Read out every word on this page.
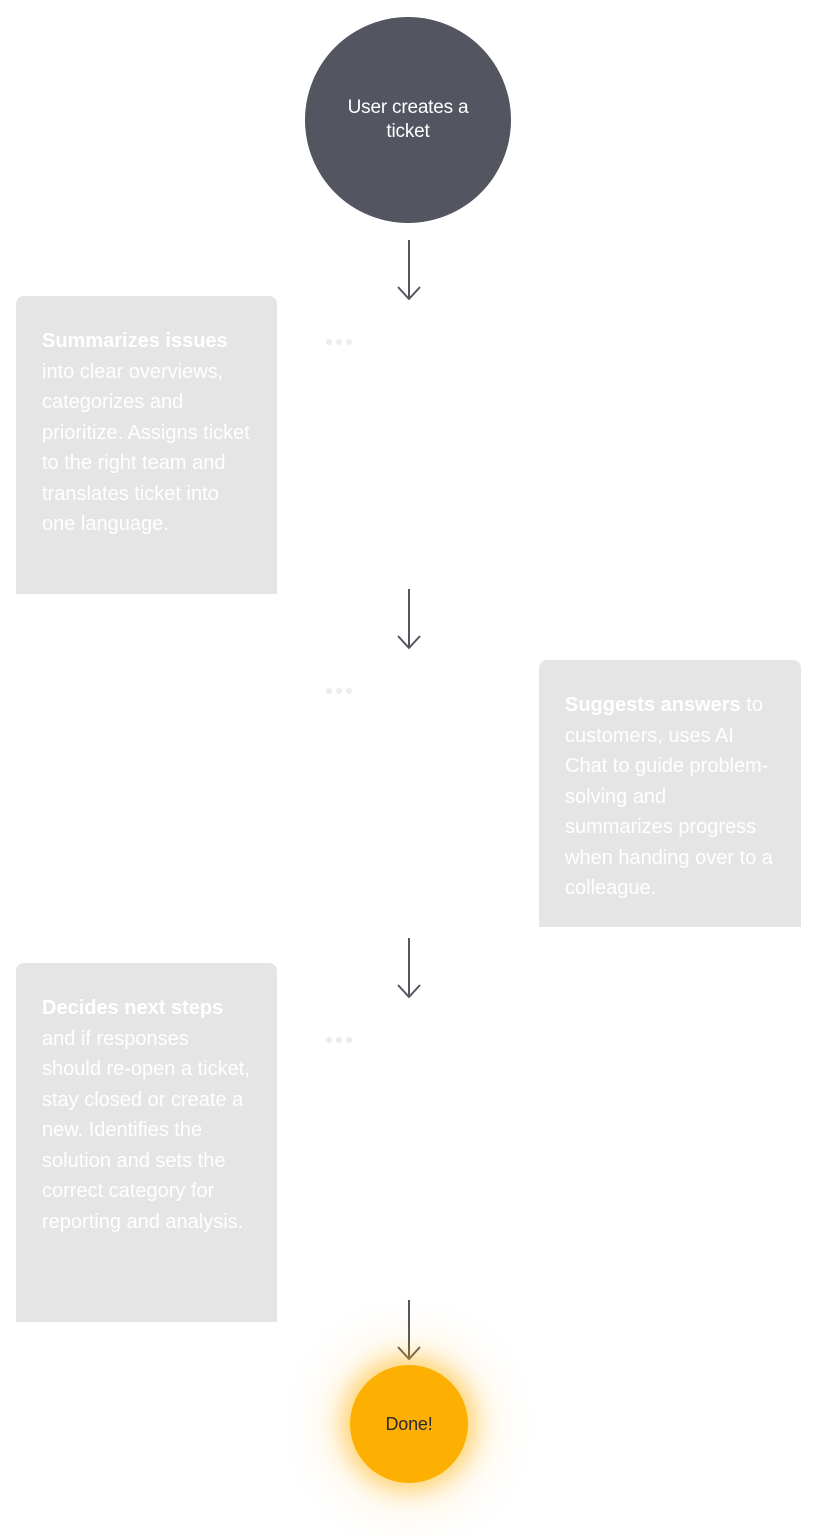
User creates a ticket
Summarizes issues into clear overviews, categorizes and prioritize. Assigns ticket to the right team and translates ticket into one language.
Suggests answers to customers, uses AI Chat to guide problem-solving and summarizes progress when handing over to a colleague.
Decides next steps and if responses should re-open a ticket, stay closed or create a new. Identifies the solution and sets the correct category for reporting and analysis.
Done!
